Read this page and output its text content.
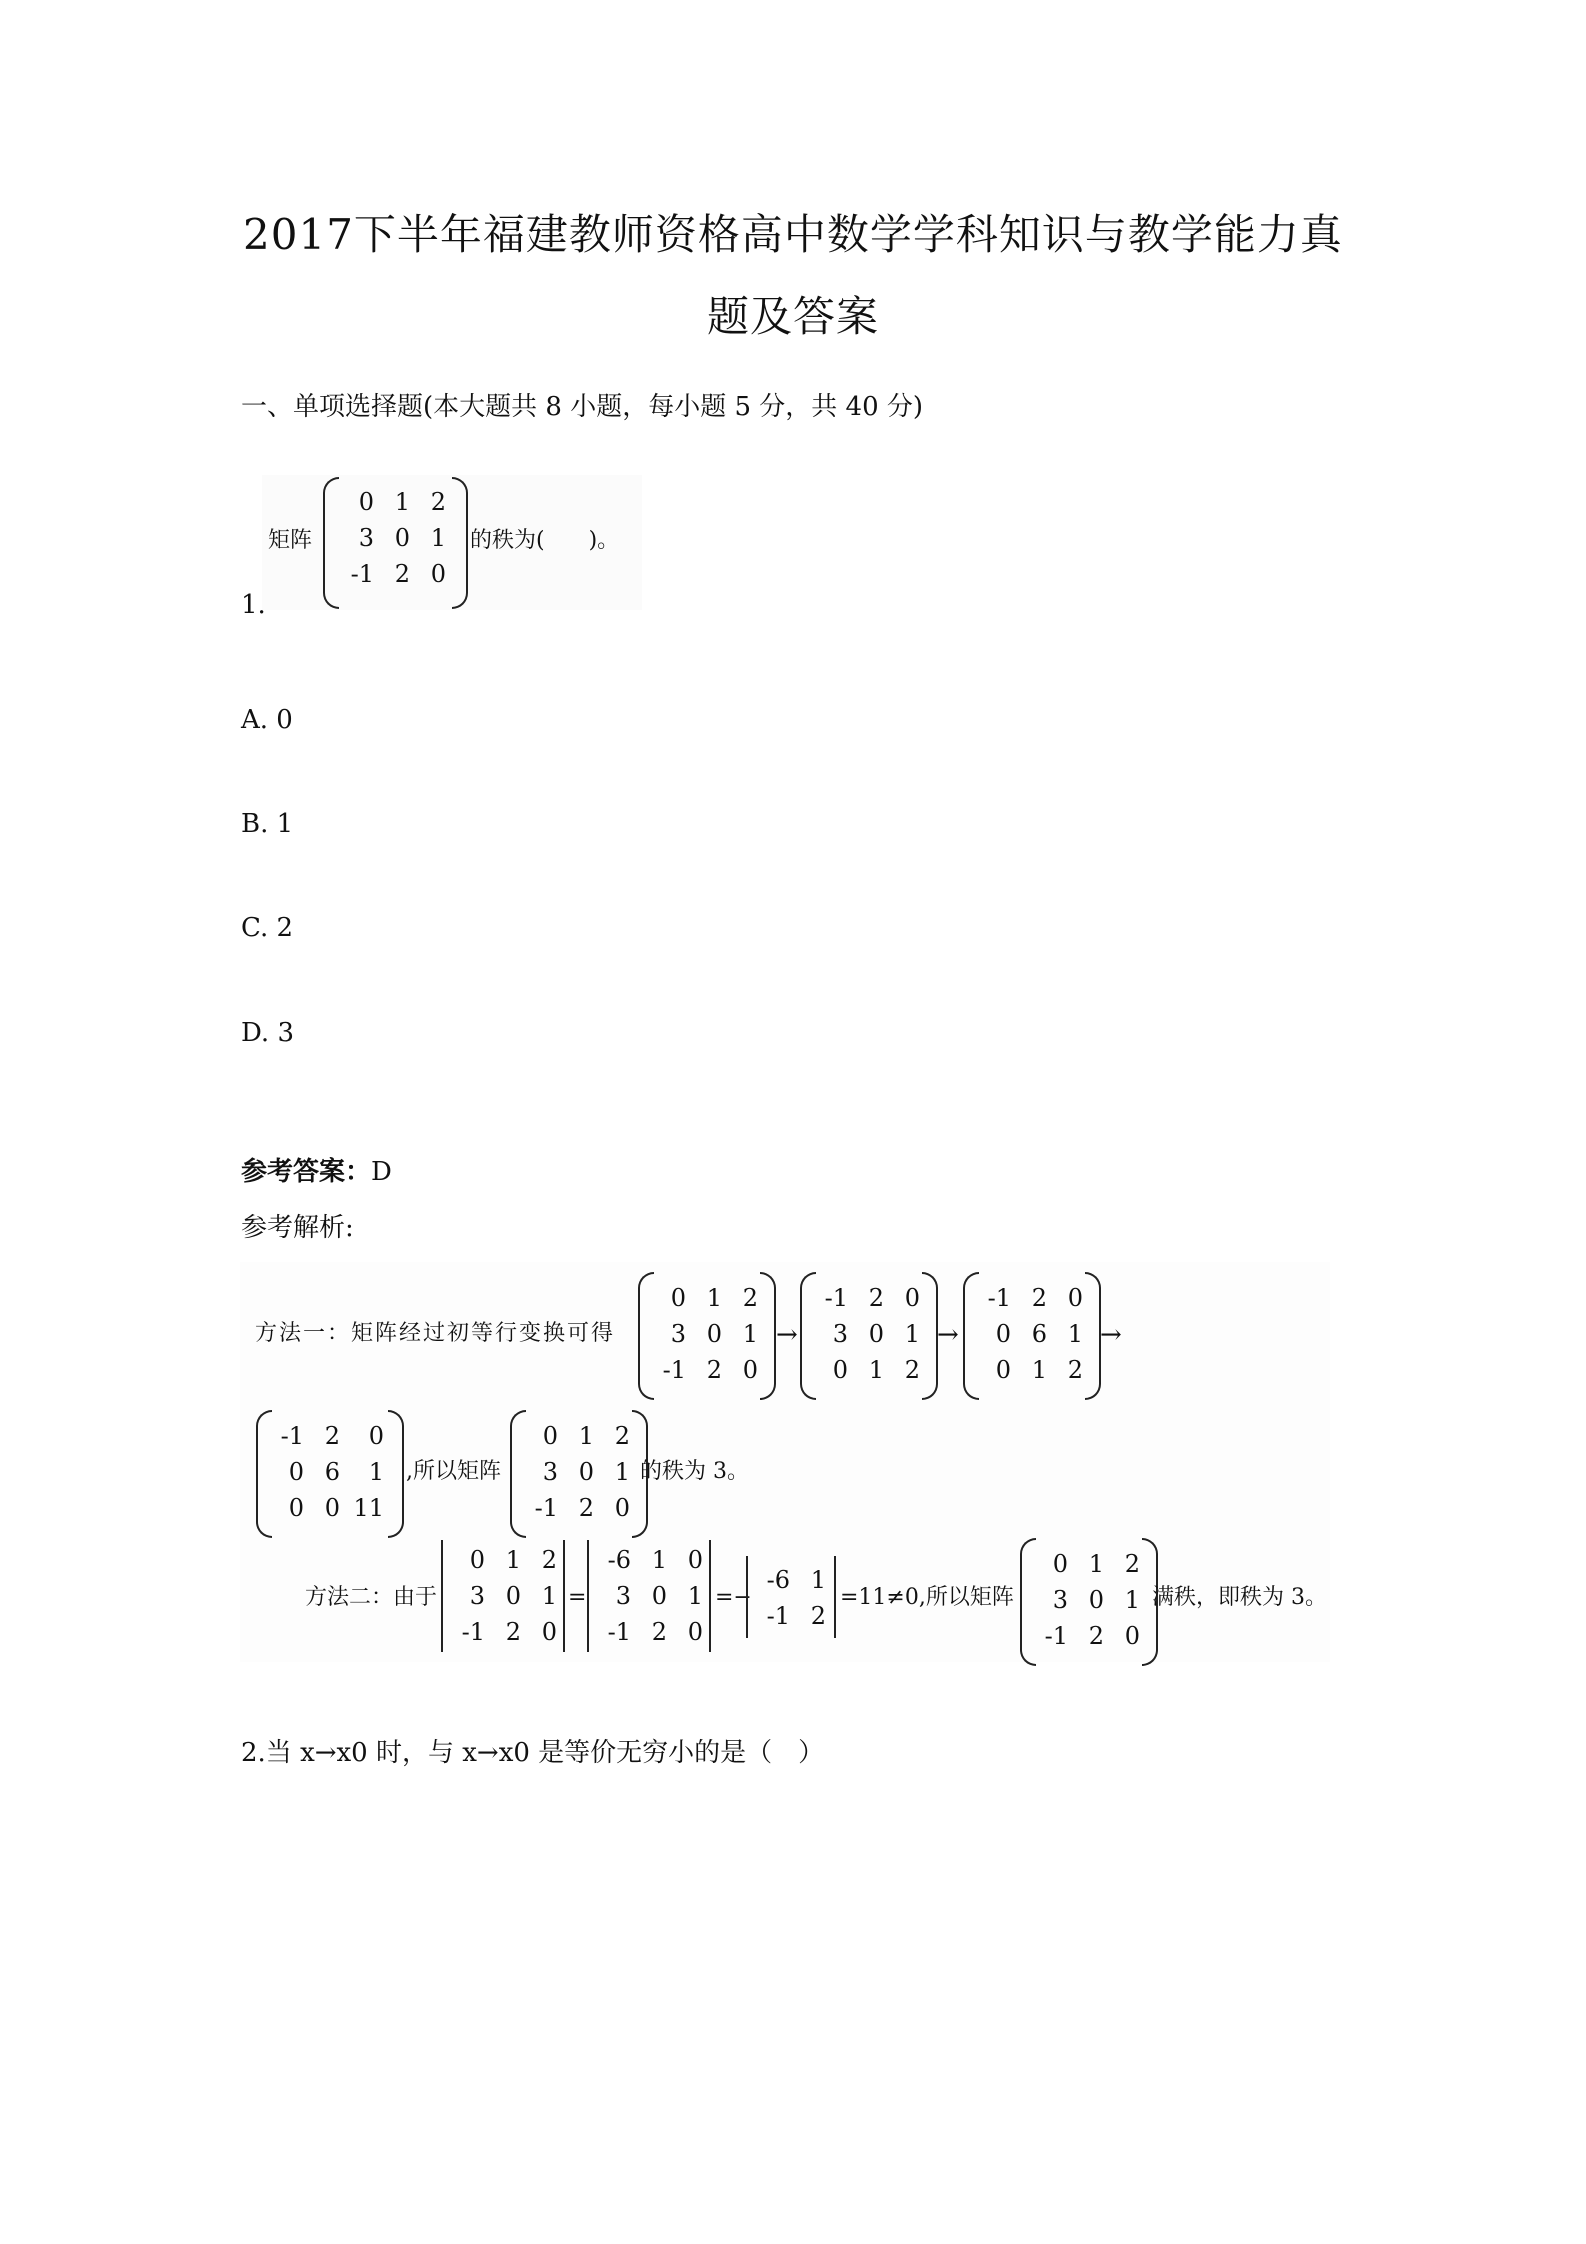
2017下半年福建教师资格高中数学学科知识与教学能力真
题及答案
一、单项选择题(本大题共 8 小题，每小题 5 分，共 40 分)
矩阵
0 1 2
3 0 1
-1 2 0
的秩为(　　)。
1.
A. 0
B. 1
C. 2
D. 3
参考答案：D
参考解析:
方法一：矩阵经过初等行变换可得
0 1 2
3 0 1
-1 2 0
→
-1 2 0
3 0 1
0 1 2
→
-1 2 0
0 6 1
0 1 2
→
-1 2	0
0 6	1
0 0 11
,所以矩阵
0 1 2
3 0 1
-1 2 0
的秩为 3。
方法二：由于
0 1 2
3 0 1
-1 2 0
=
-6 1 0
3 0 1
-1 2 0
=−
-6 1
-1 2
=11≠0,所以矩阵
0 1 2
3 0 1
-1 2 0
满秩，即秩为 3。
2.当 x→x0 时，与 x→x0 是等价无穷小的是（　）
